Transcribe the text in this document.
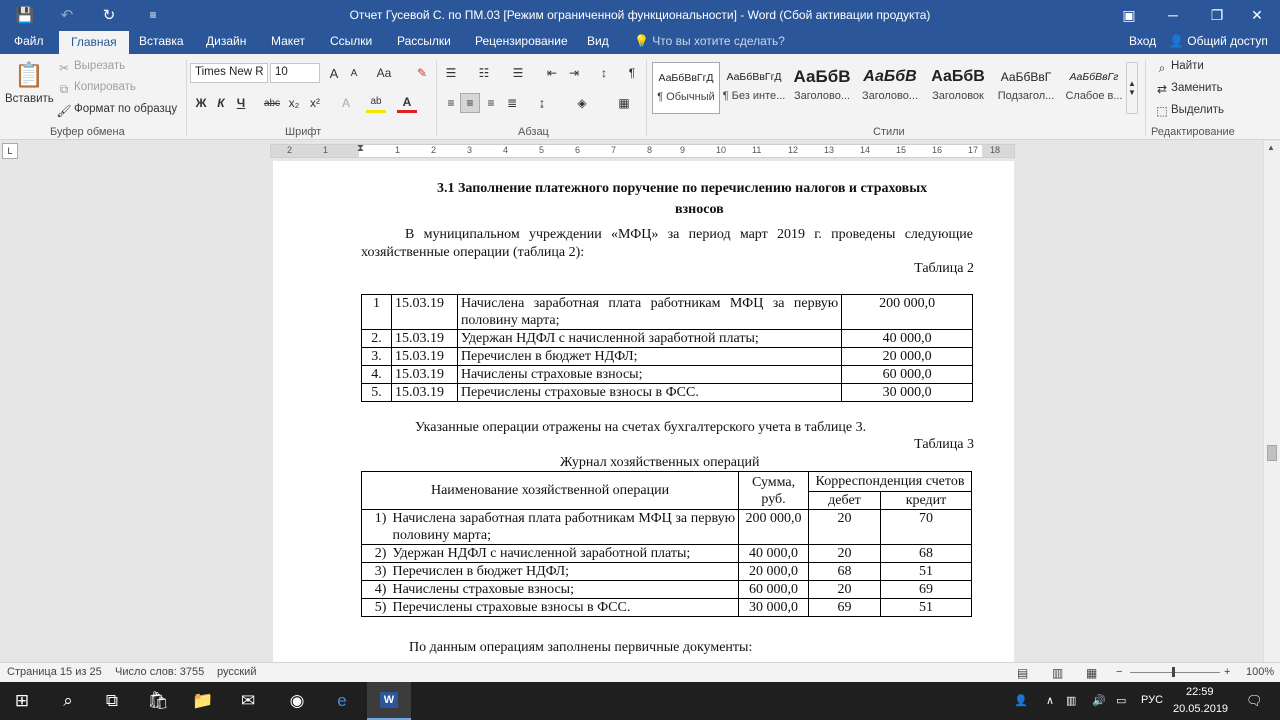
💾	↶	↻	≡	Отчет Гусевой С. по ПМ.03 [Режим ограниченной функциональности] - Word (Сбой активации продукта)	▣	─	❐	✕
Файл	Главная	Вставка Дизайн Макет Ссылки Рассылки Рецензирование Вид 💡 Что вы хотите сделать?	Вход 👤 Общий доступ
📋
Вставить
Вырезать
✂
Копировать
⧉
Формат по образцу
🖌
Буфер обмена
Times New R 10	A	A	Aa	✎
Ж К	Ч	abc x₂ x²	A	ab	A
Шрифт
☰	☷	☰	⇤ ⇥	↕	¶
≡ ≡	≡	≣	↨	◈	▦
Абзац
АаБбВвГгД
¶ Обычный
АаБбВвГгД
¶ Без инте...
АаБбВ
Заголово...
АаБбВ
Заголово...
АаБбВ
Заголовок
АаБбВвГ
Подзагол...
АаБбВвГг
Слабое в...
▲
▼
Стили
⌕ Найти
⇄ Заменить
⬚ Выделить
Редактирование
L	2	1	1	2	3	4	5	6	7	8	9	10	11	12	13	14	15	16	17 18
⧗	▲
3.1 Заполнение платежного поручение по перечислению налогов и страховых
взносов
В муниципальном учреждении «МФЦ» за период март 2019 г. проведены следующие
хозяйственные операции (таблица 2):
Таблица 2
1	15.03.19	Начислена заработная плата работникам МФЦ за первую половину марта;	200 000,0
2.	15.03.19	Удержан НДФЛ с начисленной заработной платы;	40 000,0
3.	15.03.19	Перечислен в бюджет НДФЛ;	20 000,0
4.	15.03.19	Начислены страховые взносы;	60 000,0
5.	15.03.19	Перечислены страховые взносы в ФСС.	30 000,0
Указанные операции отражены на счетах бухгалтерского учета в таблице 3.
Таблица 3
Журнал хозяйственных операций
Наименование хозяйственной операции		Сумма, руб.	Корреспонденция счетов	
			дебет	кредит
1)	Начислена заработная плата работникам МФЦ за первую половину марта;	200 000,0	20	70
2)	Удержан НДФЛ с начисленной заработной платы;	40 000,0	20	68
3)	Перечислен в бюджет НДФЛ;	20 000,0	68	51
4)	Начислены страховые взносы;	60 000,0	20	69
5)	Перечислены страховые взносы в ФСС.	30 000,0	69	51
По данным операциям заполнены первичные документы:
Страница 15 из 25 Число слов: 3755 русский	▤ ▥ ▦ −	+ 100%
⊞	⌕	⧉	🛍	📁	✉	◉	e	W	👤 ∧ ▥ 🔊 ▭ РУС
22:59
20.05.2019
🗨
